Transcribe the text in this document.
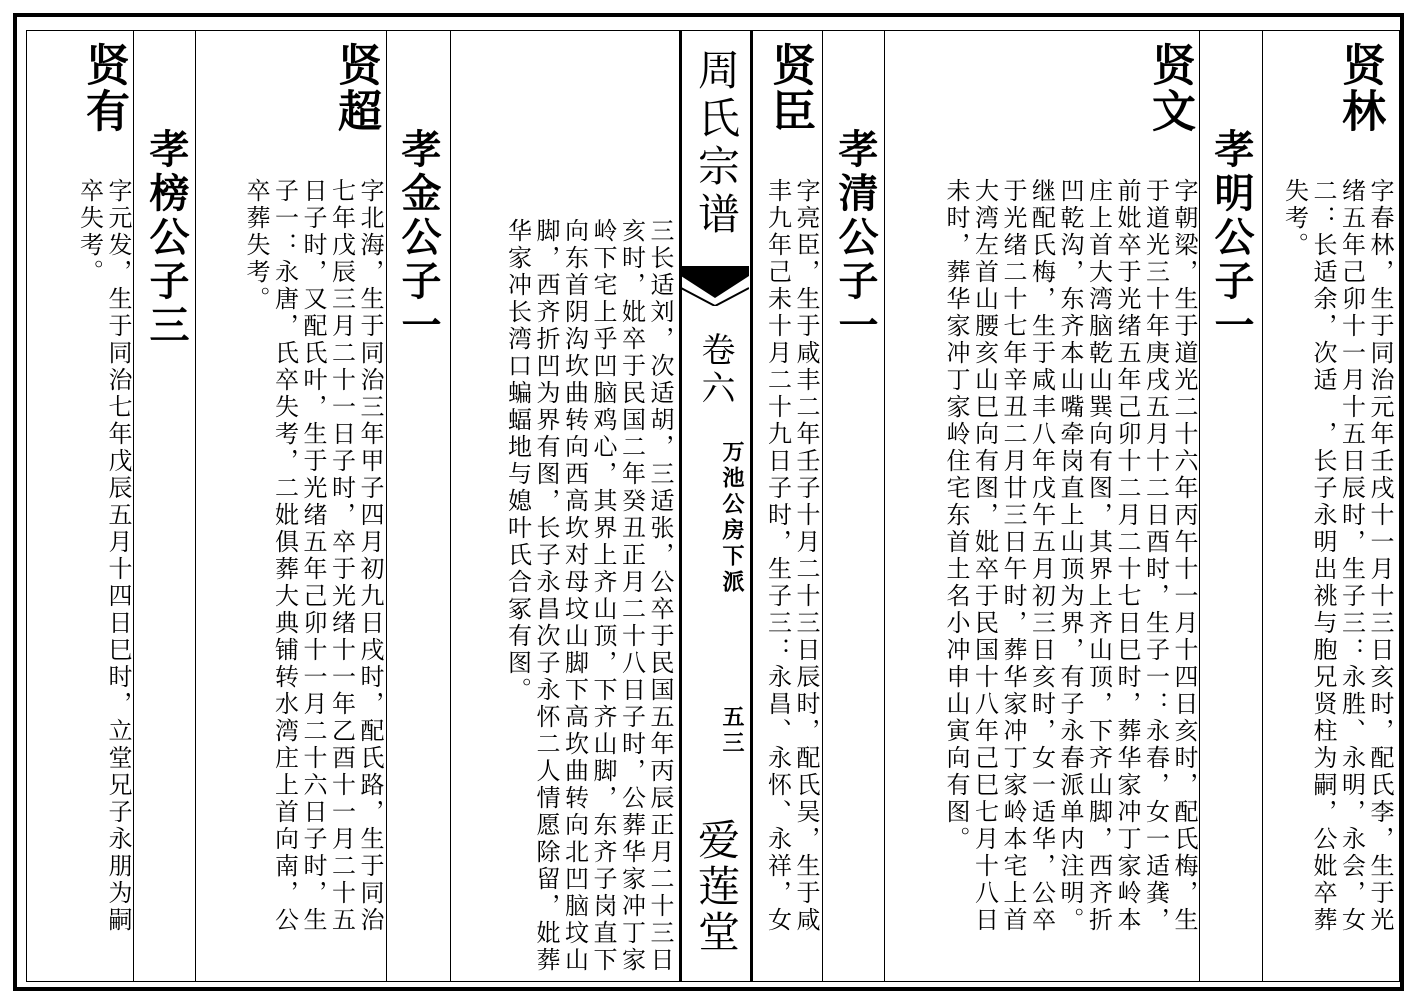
贤林
字春林，生于同治元年壬戌十一月十三日亥时，配氏李，生于光
绪五年己卯十一月十五日辰时，生子三：永胜、永明，永会，女
二：长适余，次适　，长子永明出祧与胞兄贤柱为嗣，公妣卒葬
失考。
孝明公子一
贤文
字朝梁，生于道光二十六年丙午十一月十四日亥时，配氏梅，生
于道光三十年庚戌五月十二日酉时，生子一：永春，女一适龚，
前妣卒于光绪五年己卯十二月二十七日巳时，葬华家冲丁家岭本
庄上首大湾脑乾山巽向有图，其界上齐山顶，下齐山脚，西齐折
凹乾沟，东齐本山嘴牵岗直上山顶为界，有子永春派单内注明。
继配氏梅，生于咸丰八年戊午五月初三日亥时，女一适华，公卒
于光绪二十七年辛丑二月廿三日午时，葬华家冲丁家岭本宅上首
大湾左首山腰亥山巳向有图，妣卒于民国十八年己巳七月十八日
未时，葬华家冲丁家岭住宅东首土名小冲申山寅向有图。
孝清公子一
贤臣
字亮臣，生于咸丰二年壬子十月二十三日辰时，配氏吴，生于咸
丰九年己未十月二十九日子时，生子三：永昌、永怀、永祥，女
周氏宗谱
卷六
万池公房下派
五三
爱莲堂
三长适刘，次适胡，三适张，公卒于民国五年丙辰正月二十三日
亥时，妣卒于民国二年癸丑正月二十八日子时，公葬华家冲丁家
岭下宅上乎凹脑鸡心，其界上齐山顶，下齐山脚，东齐子岗直下
向东首阴沟坎曲转向西高坎对母坟山脚下高坎曲转向北凹脑坟山
脚，西齐折凹为界有图，长子永昌次子永怀二人情愿除留，妣葬
华家冲长湾口蝙蝠地与媳叶氏合冢有图。
孝金公子一
贤超
字北海，生于同治三年甲子四月初九日戌时，配氏路，生于同治
七年戊辰三月二十一日子时，卒于光绪十一年乙酉十一月二十五
日子时，又配氏叶，生于光绪五年己卯十一月二十六日子时，生
子一：永唐，氏卒失考，二妣俱葬大典铺转水湾庄上首向南，公
卒葬失考。
孝榜公子三
贤有
字元发，生于同治七年戊辰五月十四日巳时，立堂兄子永朋为嗣
卒失考。
